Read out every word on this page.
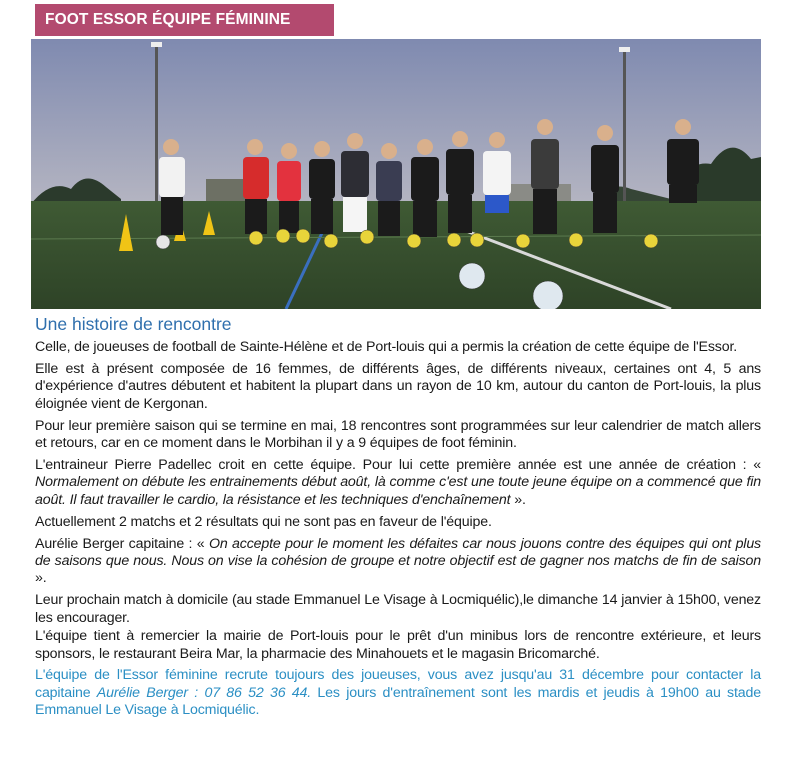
FOOT ESSOR ÉQUIPE FÉMININE
Une histoire de rencontre

Celle, de joueuses de football de Sainte-Hélène et de Port-louis qui a permis la création de cette équipe de l'Essor.

Elle est à présent composée de 16 femmes, de différents âges, de différents niveaux, certaines ont 4, 5 ans d'expérience d'autres débutent et habitent la plupart dans un rayon de 10 km, autour du canton de Port-louis, la plus éloignée vient de Kergonan.

Pour leur première saison qui se termine en mai, 18 rencontres sont programmées sur leur calendrier de match allers et retours, car en ce moment dans le Morbihan il y a 9 équipes de foot féminin.

L'entraineur Pierre Padellec croit en cette équipe. Pour lui cette première année est une année de création : « Normalement on débute les entrainements début août, là comme c'est une toute jeune équipe on a commencé que fin août. Il faut travailler le cardio, la résistance et les techniques d'enchaînement ».

Actuellement 2 matchs et 2 résultats qui ne sont pas en faveur de l'équipe.

Aurélie Berger capitaine : « On accepte pour le moment les défaites car nous jouons contre des équipes qui ont plus de saisons que nous. Nous on vise la cohésion de groupe et notre objectif est de gagner nos matchs de fin de saison ».

Leur prochain match à domicile (au stade Emmanuel Le Visage à Locmiquélic),le dimanche 14 janvier à 15h00, venez les encourager.

L'équipe tient à remercier la mairie de Port-louis pour le prêt d'un minibus lors de rencontre extérieure, et leurs sponsors, le restaurant Beira Mar, la pharmacie des Minahouets et le magasin Bricomarché.

L'équipe de l'Essor féminine recrute toujours des joueuses, vous avez jusqu'au 31 décembre pour contacter la capitaine Aurélie Berger : 07 86 52 36 44. Les jours d'entraînement sont les mardis et jeudis à 19h00 au stade Emmanuel Le Visage à Locmiquélic.
